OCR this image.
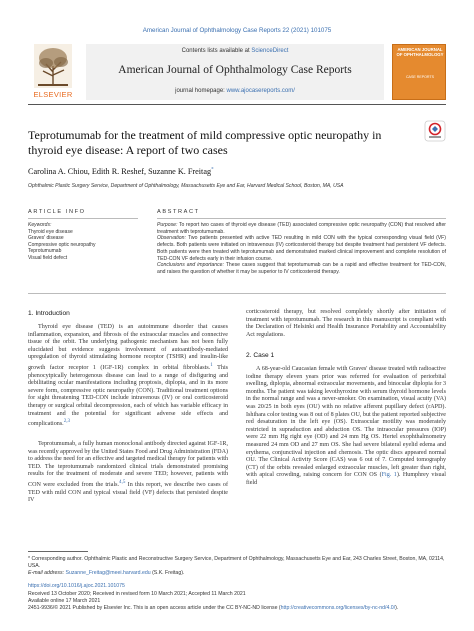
American Journal of Ophthalmology Case Reports 22 (2021) 101075
ELSEVIER
Contents lists available at ScienceDirect
American Journal of Ophthalmology Case Reports
journal homepage: www.ajocasereports.com/
AMERICAN JOURNAL OF OPHTHALMOLOGY
CASE REPORTS
Teprotumumab for the treatment of mild compressive optic neuropathy in thyroid eye disease: A report of two cases
Carolina A. Chiou, Edith R. Reshef, Suzanne K. Freitag*
Ophthalmic Plastic Surgery Service, Department of Ophthalmology, Massachusetts Eye and Ear, Harvard Medical School, Boston, MA, USA
ARTICLE INFO	ABSTRACT
Keywords:
Thyroid eye disease
Graves' disease
Compressive optic neuropathy
Teprotumumab
Visual field defect

Purpose: To report two cases of thyroid eye disease (TED) associated compressive optic neuropathy (CON) that resolved after treatment with teprotumumab.

Observation: Two patients presented with active TED resulting in mild CON with the typical corresponding visual field (VF) defects. Both patients were initiated on intravenous (IV) corticosteroid therapy but despite treatment had persistent VF defects. Both patients were then treated with teprotumumab and demonstrated marked clinical improvement and complete resolution of TED-CON VF defects early in their infusion course.

Conclusions and importance: These cases suggest that teprotumumab can be a rapid and effective treatment for TED-CON, and raises the question of whether it may be superior to IV corticosteroid therapy.

1. Introduction
Thyroid eye disease (TED) is an autoimmune disorder that causes inflammation, expansion, and fibrosis of the extraocular muscles and connective tissue of the orbit. The underlying pathogenic mechanism has not been fully elucidated but evidence suggests involvement of autoantibody-mediated upregulation of thyroid stimulating hormone receptor (TSHR) and insulin-like growth factor receptor 1 (IGF-1R) complex in orbital fibroblasts.$^1$ This phenocytpically heterogenous disease can lead to a range of disfiguring and debilitating ocular manifestations including proptosis, diplopia, and in its more severe form, compressive optic neuropathy (CON). Traditional treatment options for sight threatening TED-CON include intravenous (IV) or oral corticosteroid therapy or surgical orbital decompression, each of which has variable efficacy in treatment and the potential for significant adverse side effects and complications.$^{2,3}$
Teprotumumab, a fully human monoclonal antibody directed against IGF-1R, was recently approved by the United States Food and Drug Administration (FDA) to address the need for an effective and targeted medical therapy for patients with TED. The teprotumumab randomized clinical trials demonstrated promising results for the treatment of moderate and severe TED; however, patients with CON were excluded from the trials.$^{4,5}$ In this report, we describe two cases of TED with mild CON and typical visual field (VF) defects that persisted despite IV
corticosteroid therapy, but resolved completely shortly after initiation of treatment with teprotumumab. The research in this manuscript is compliant with the Declaration of Helsinki and Health Insurance Portability and Accountability Act regulations.
2. Case 1
A 68-year-old Caucasian female with Graves' disease treated with radioactive iodine therapy eleven years prior was referred for evaluation of periorbital swelling, diplopia, abnormal extraocular movements, and binocular diplopia for 3 months. The patient was taking levothyroxine with serum thyroid hormone levels in the normal range and was a never-smoker. On examination, visual acuity (VA) was 20/25 in both eyes (OU) with no relative afferent pupillary defect (rAPD). Ishihara color testing was 8 out of 8 plates OU, but the patient reported subjective red desaturation in the left eye (OS). Extraocular motility was moderately restricted in supraduction and abduction OS. The intraocular pressures (IOP) were 22 mm Hg right eye (OD) and 24 mm Hg OS. Hertel exophthalmometry measured 24 mm OD and 27 mm OS. She had severe bilateral eyelid edema and erythema, conjunctival injection and chemosis. The optic discs appeared normal OU. The Clinical Activity Score (CAS) was 6 out of 7. Computed tomography (CT) of the orbits revealed enlarged extraocular muscles, left greater than right, with apical crowding, raising concern for CON OS (Fig. 1). Humphrey visual field
* Corresponding author. Ophthalmic Plastic and Reconstructive Surgery Service, Department of Ophthalmology, Massachusetts Eye and Ear, 243 Charles Street, Boston, MA, 02114, USA.
E-mail address: Suzanne_Freitag@meei.harvard.edu (S.K. Freitag).
https://doi.org/10.1016/j.ajoc.2021.101075
Received 13 October 2020; Received in revised form 10 March 2021; Accepted 11 March 2021
Available online 17 March 2021
2451-9936/© 2021 Published by Elsevier Inc. This is an open access article under the CC BY-NC-ND license (http://creativecommons.org/licenses/by-nc-nd/4.0/).
